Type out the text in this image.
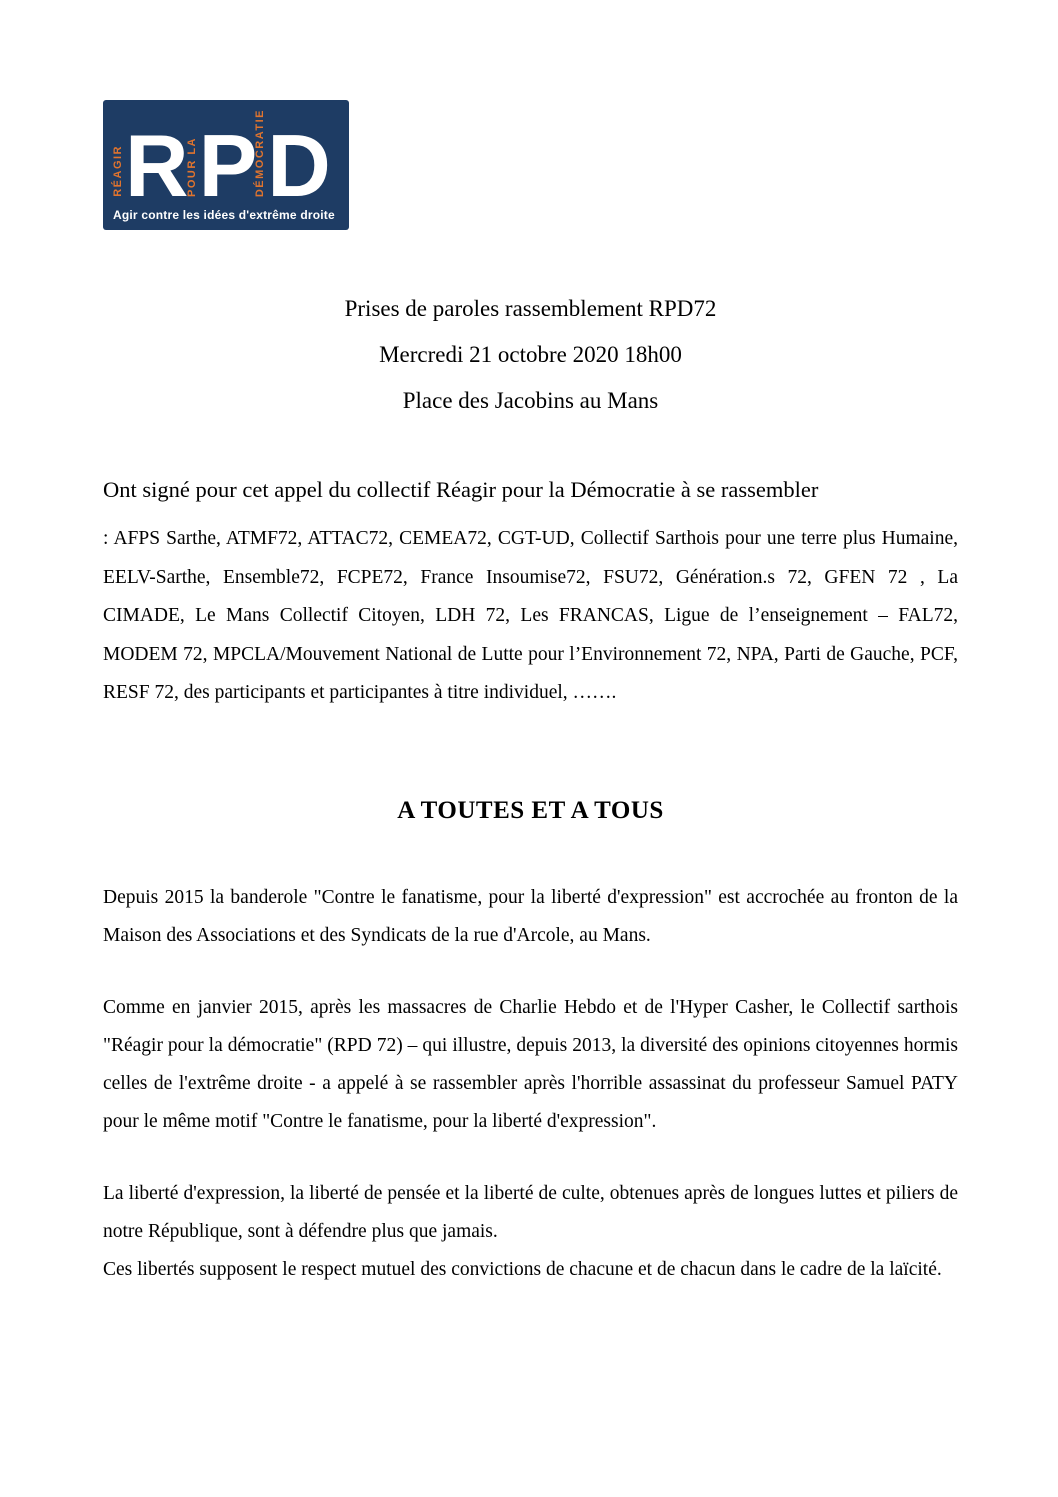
RÉAGIR R POUR LA P DÉMOCRATIE D
Agir contre les idées d'extrême droite

Prises de paroles rassemblement RPD72

Mercredi 21 octobre 2020 18h00

Place des Jacobins au Mans

Ont signé pour cet appel du collectif Réagir pour la Démocratie à se rassembler

: AFPS Sarthe, ATMF72, ATTAC72, CEMEA72, CGT-UD, Collectif Sarthois pour une terre plus Humaine, EELV-Sarthe, Ensemble72, FCPE72, France Insoumise72, FSU72, Génération.s 72, GFEN 72 , La CIMADE, Le Mans Collectif Citoyen, LDH 72, Les FRANCAS, Ligue de l’enseignement – FAL72, MODEM 72, MPCLA/Mouvement National de Lutte pour l’Environnement 72, NPA, Parti de Gauche, PCF, RESF 72, des participants et participantes à titre individuel, …….

A TOUTES ET A TOUS

Depuis 2015 la banderole "Contre le fanatisme, pour la liberté d'expression" est accrochée au fronton de la Maison des Associations et des Syndicats de la rue d'Arcole, au Mans.

Comme en janvier 2015, après les massacres de Charlie Hebdo et de l'Hyper Casher, le Collectif sarthois "Réagir pour la démocratie" (RPD 72) – qui illustre, depuis 2013, la diversité des opinions citoyennes hormis celles de l'extrême droite - a appelé à se rassembler après l'horrible assassinat du professeur Samuel PATY pour le même motif "Contre le fanatisme, pour la liberté d'expression".

La liberté d'expression, la liberté de pensée et la liberté de culte, obtenues après de longues luttes et piliers de notre République, sont à défendre plus que jamais.

Ces libertés supposent le respect mutuel des convictions de chacune et de chacun dans le cadre de la laïcité.
